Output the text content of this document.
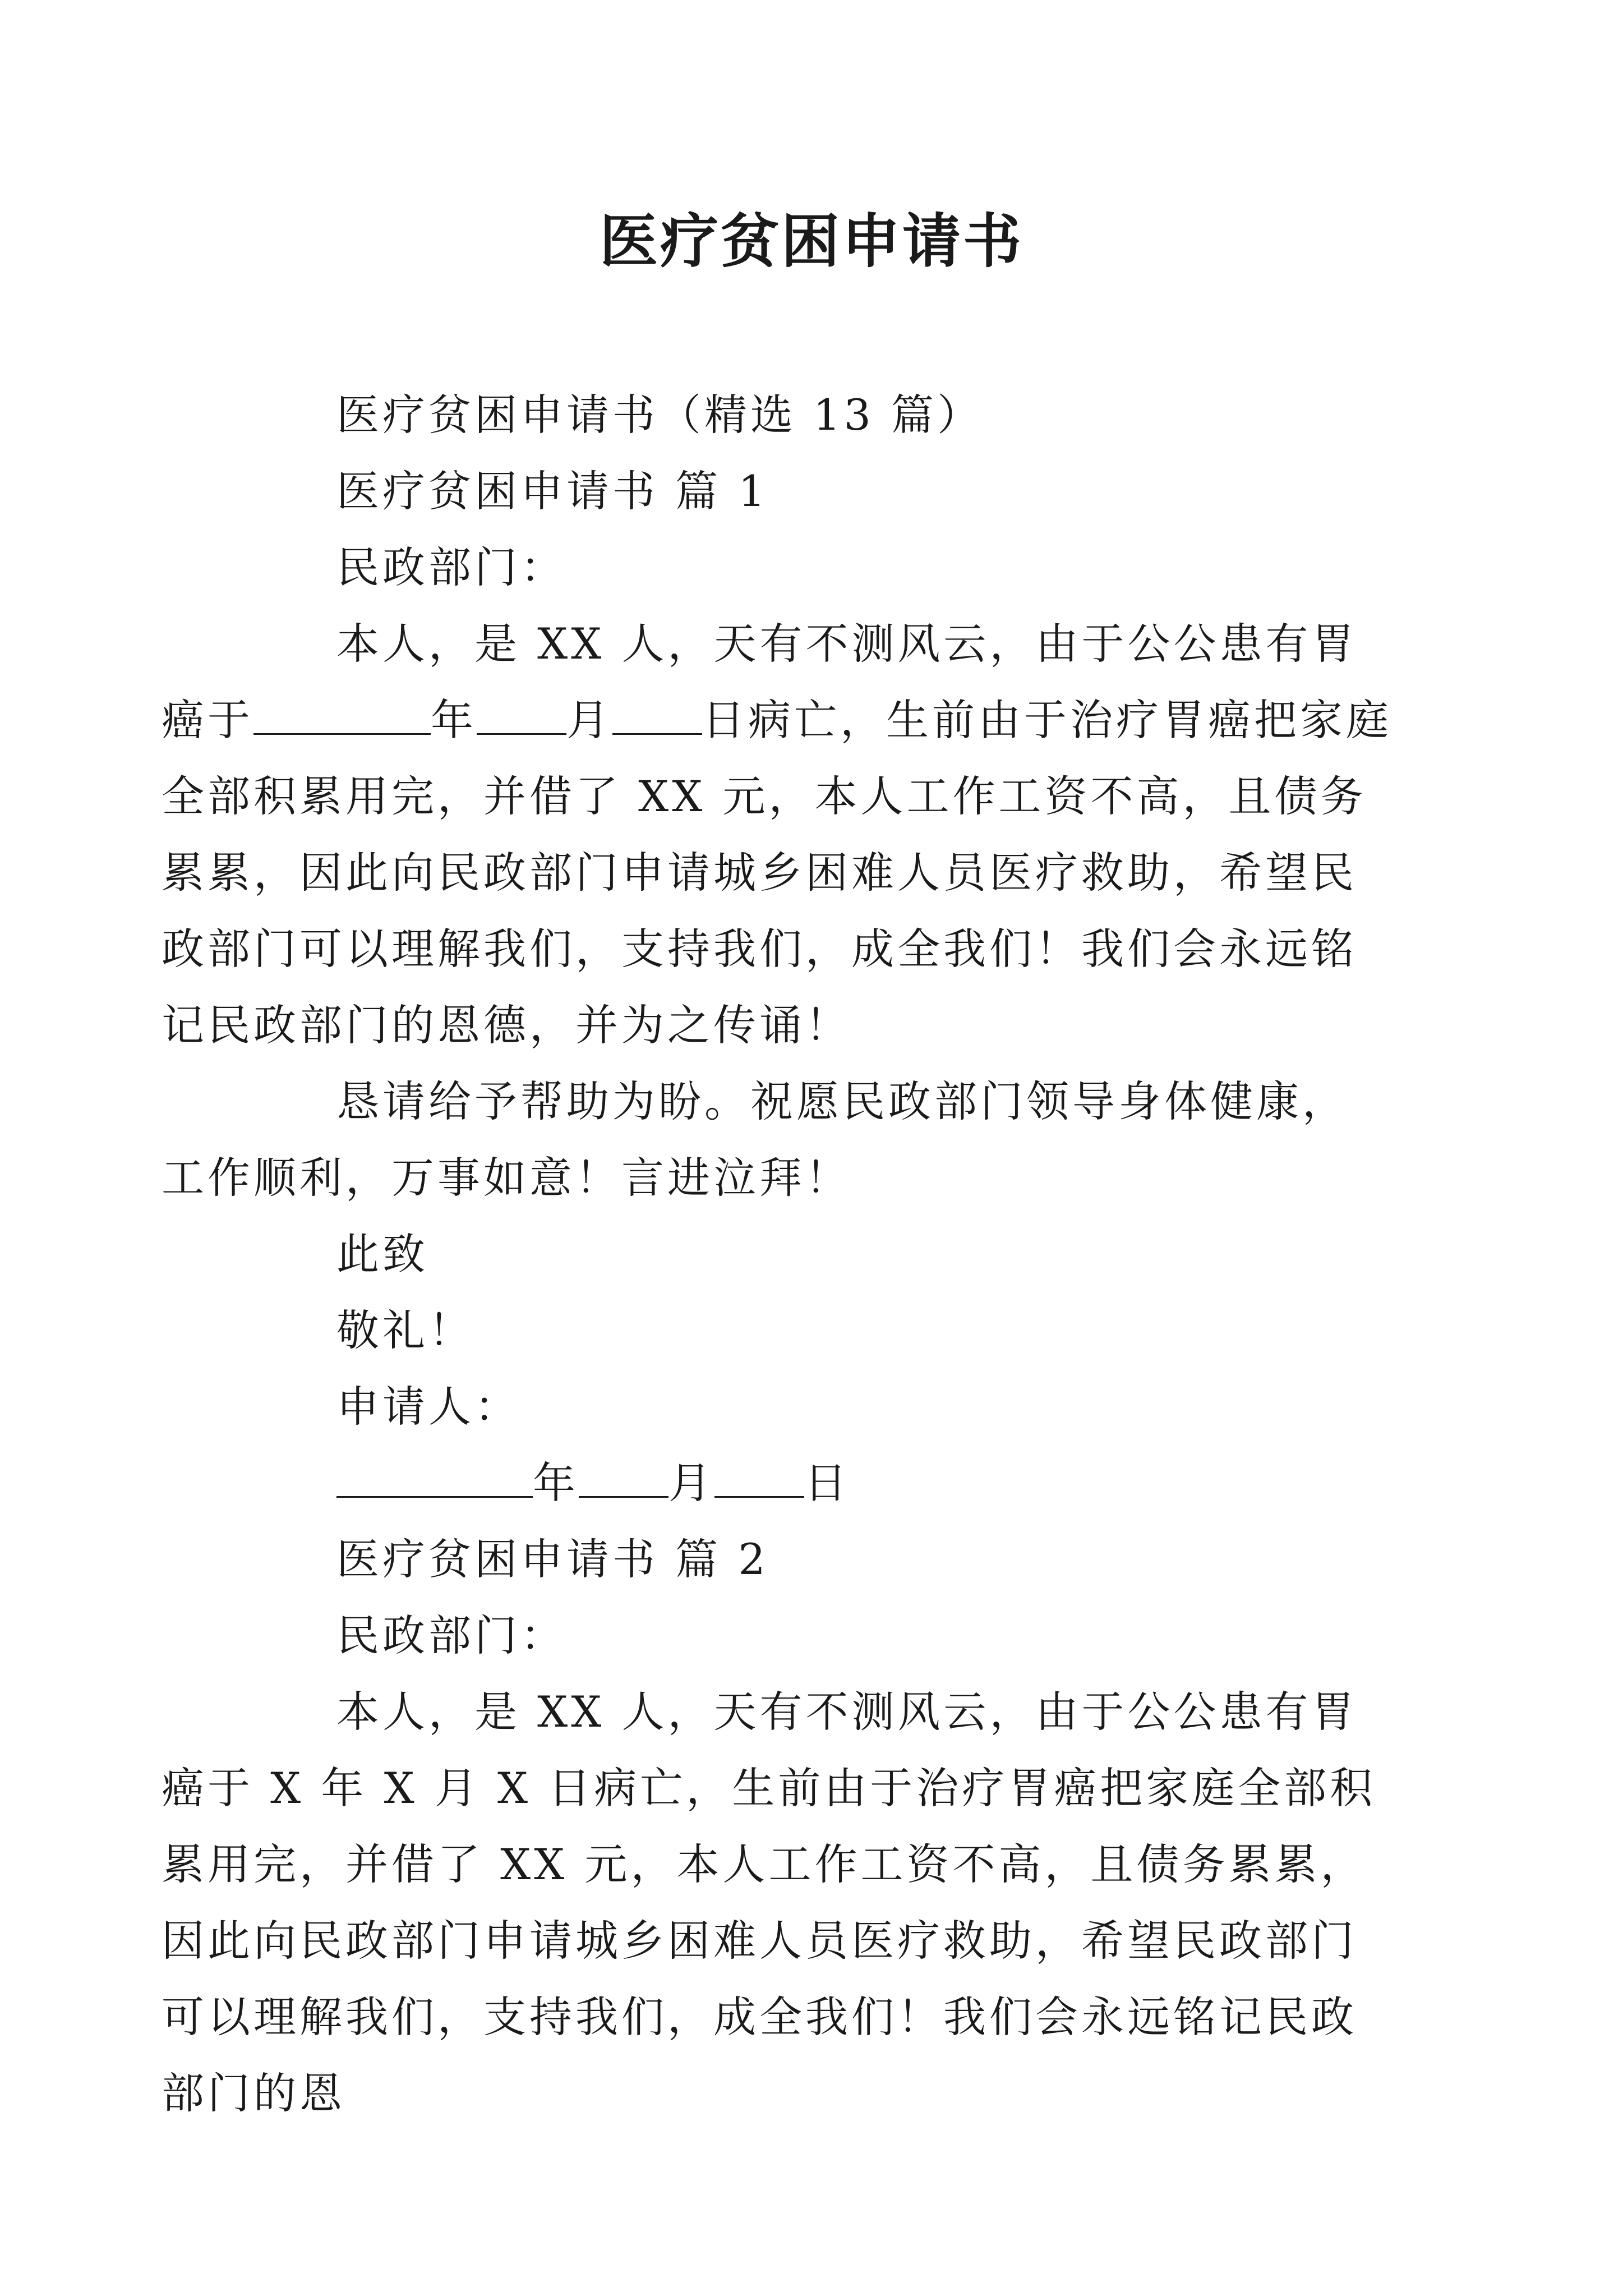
医疗贫困申请书

医疗贫困申请书（精选 13 篇）

医疗贫困申请书 篇 1

民政部门：

本人，是 XX 人，天有不测风云，由于公公患有胃癌于	年 月 日病亡，生前由于治疗胃癌把家庭全部积累用完，并借了 XX 元，本人工作工资不高，且债务累累，因此向民政部门申请城乡困难人员医疗救助，希望民政部门可以理解我们，支持我们，成全我们！我们会永远铭记民政部门的恩德，并为之传诵！

恳请给予帮助为盼。祝愿民政部门领导身体健康，工作顺利，万事如意！言进泣拜！

此致

敬礼！

申请人：

年 月 日

医疗贫困申请书 篇 2

民政部门：

本人，是 XX 人，天有不测风云，由于公公患有胃癌于 X 年 X 月 X 日病亡，生前由于治疗胃癌把家庭全部积累用完，并借了 XX 元，本人工作工资不高，且债务累累，因此向民政部门申请城乡困难人员医疗救助，希望民政部门可以理解我们，支持我们，成全我们！我们会永远铭记民政部门的恩
